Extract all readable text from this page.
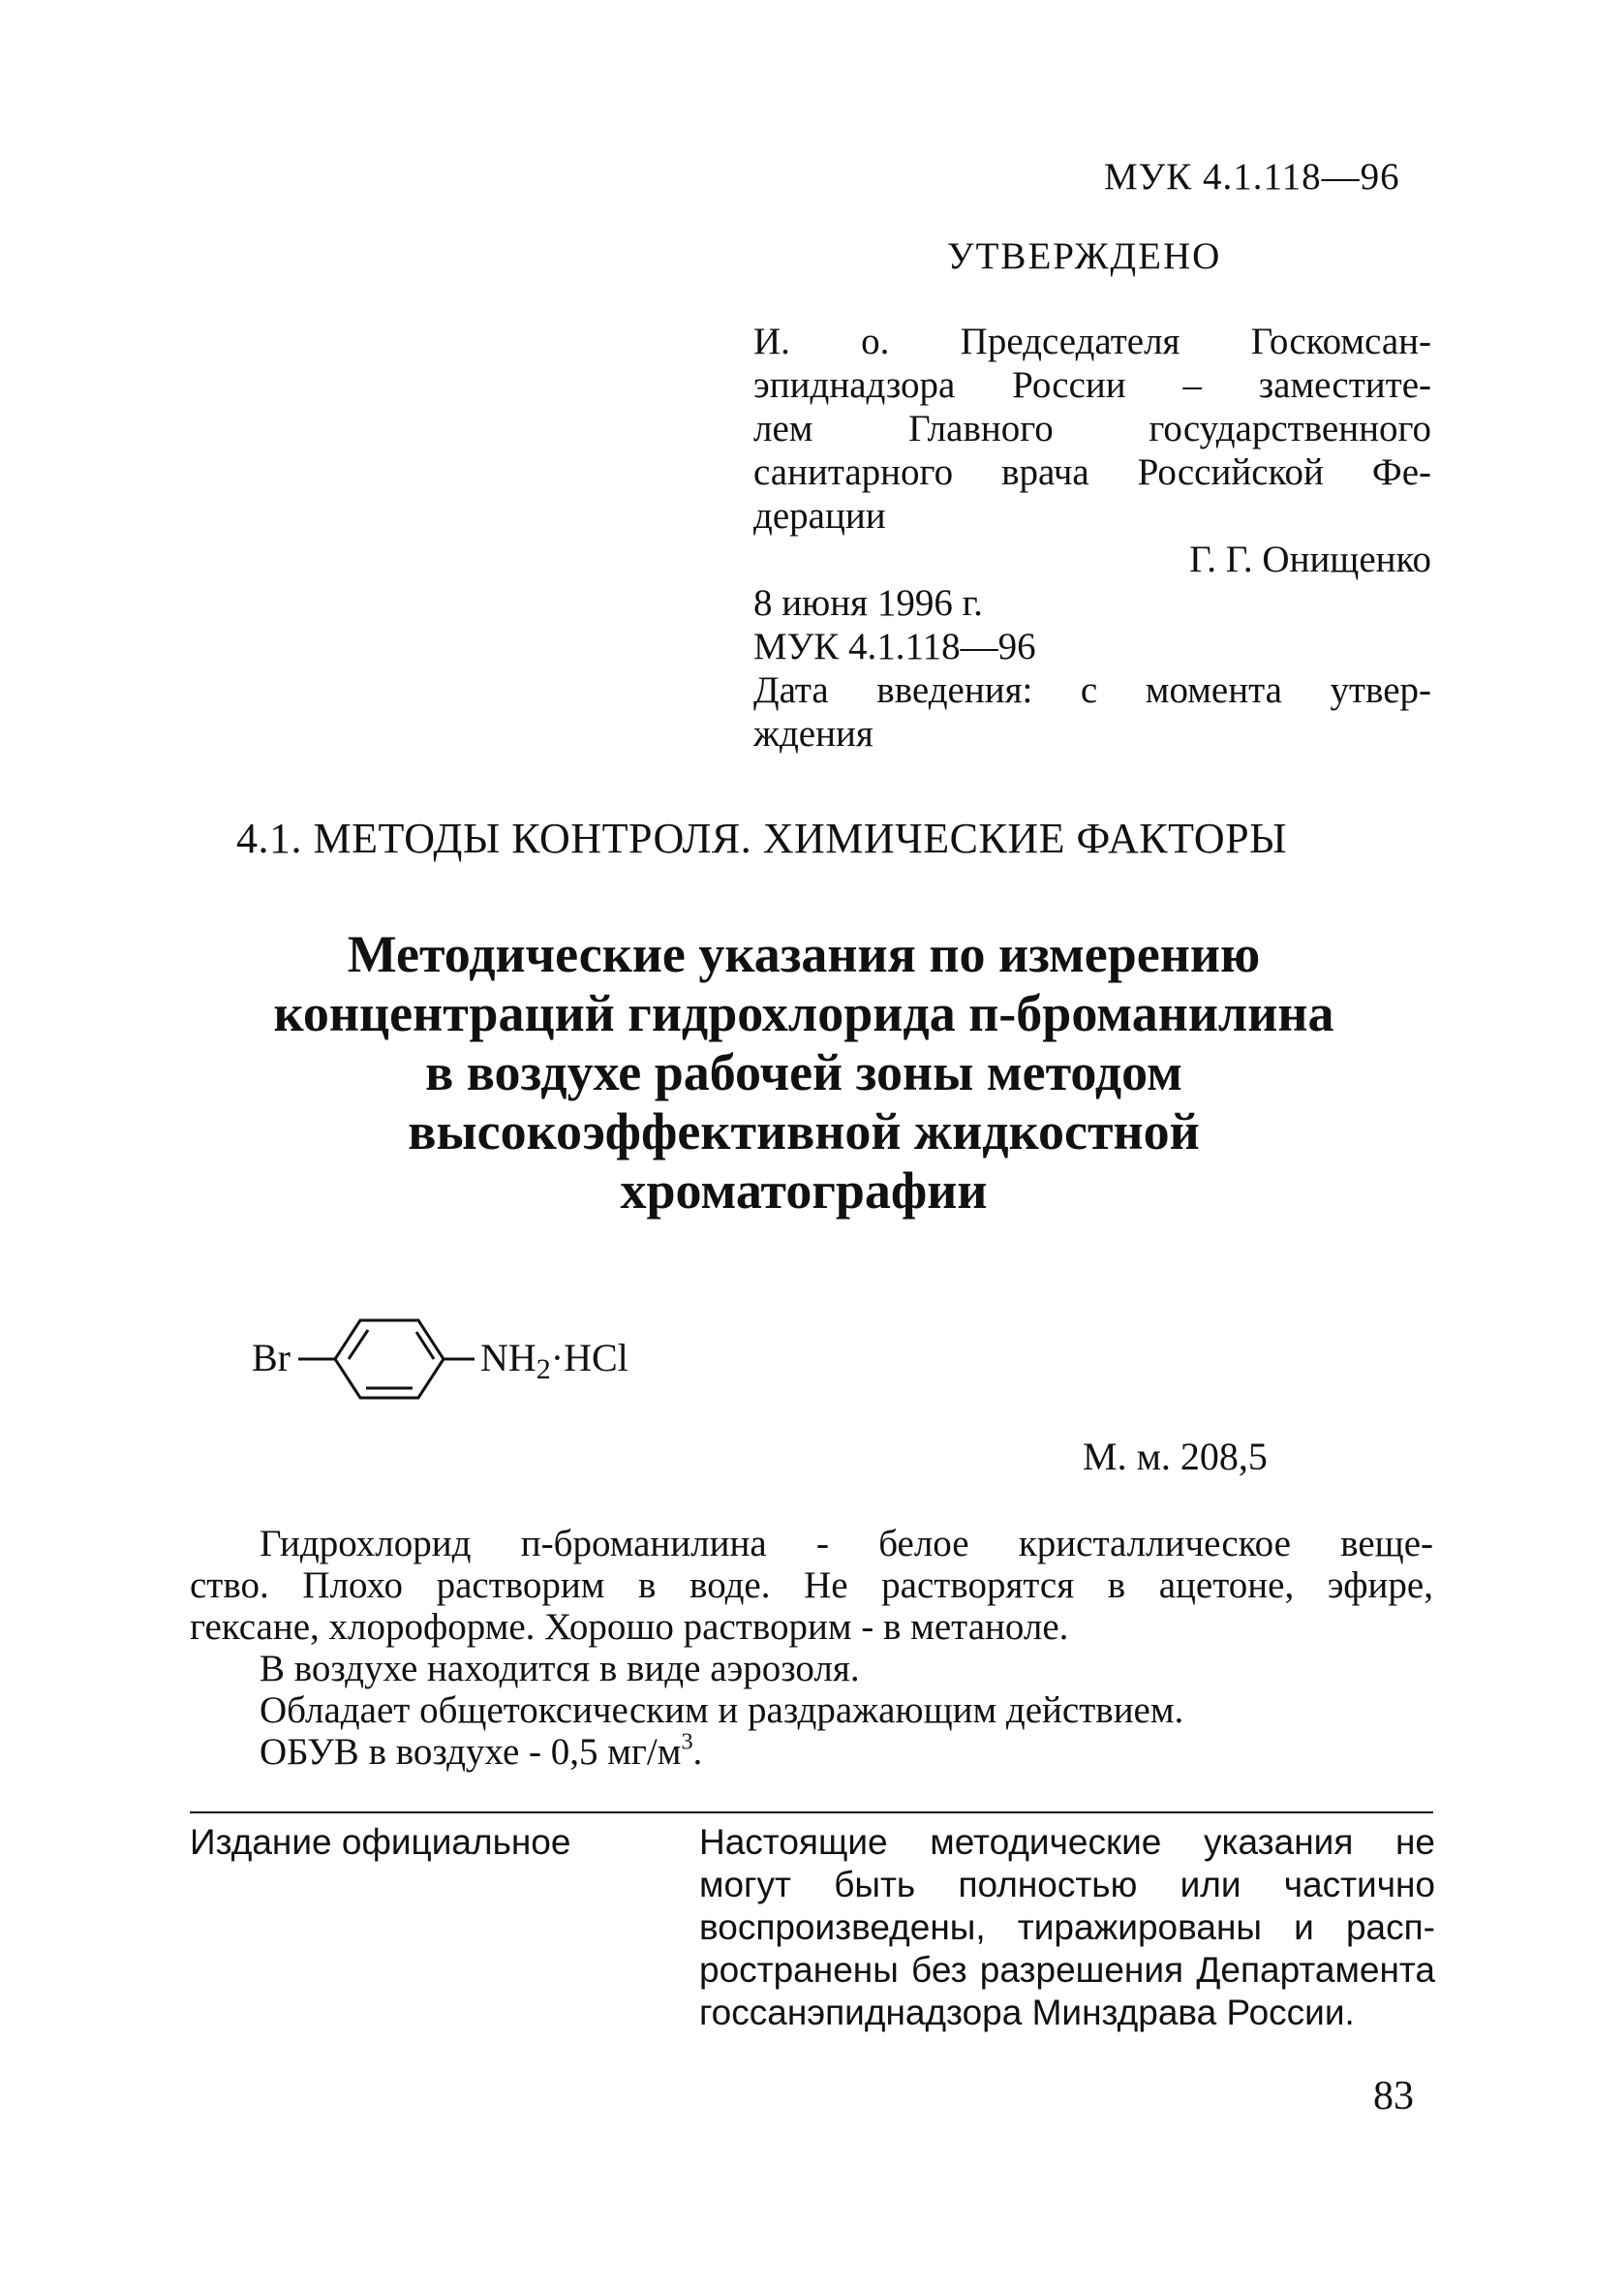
МУК 4.1.118—96
УТВЕРЖДЕНО
И. о. Председателя Госкомсан-
эпиднадзора России – заместите-
лем Главного государственного
санитарного врача Российской Фе-
дерации
Г. Г. Онищенко
8 июня 1996 г.
МУК 4.1.118—96
Дата введения: с момента утвер-
ждения
4.1. МЕТОДЫ КОНТРОЛЯ. ХИМИЧЕСКИЕ ФАКТОРЫ
Методические указания по измерению
концентраций гидрохлорида п-броманилина
в воздухе рабочей зоны методом
высокоэффективной жидкостной
хроматографии
Br	$NH_2\cdot HCl$
М. м. 208,5
Гидрохлорид п-броманилина - белое кристаллическое веще-
ство. Плохо растворим в воде. Не растворятся в ацетоне, эфире,
гексане, хлороформе. Хорошо растворим - в метаноле.
В воздухе находится в виде аэрозоля.
Обладает общетоксическим и раздражающим действием.
ОБУВ в воздухе - 0,5 $мг/м^3$.
Издание официальное	Настоящие методические указания не
могут быть полностью или частично
воспроизведены, тиражированы и расп-
ространены без разрешения Департамента
госсанэпиднадзора Минздрава России.
83
